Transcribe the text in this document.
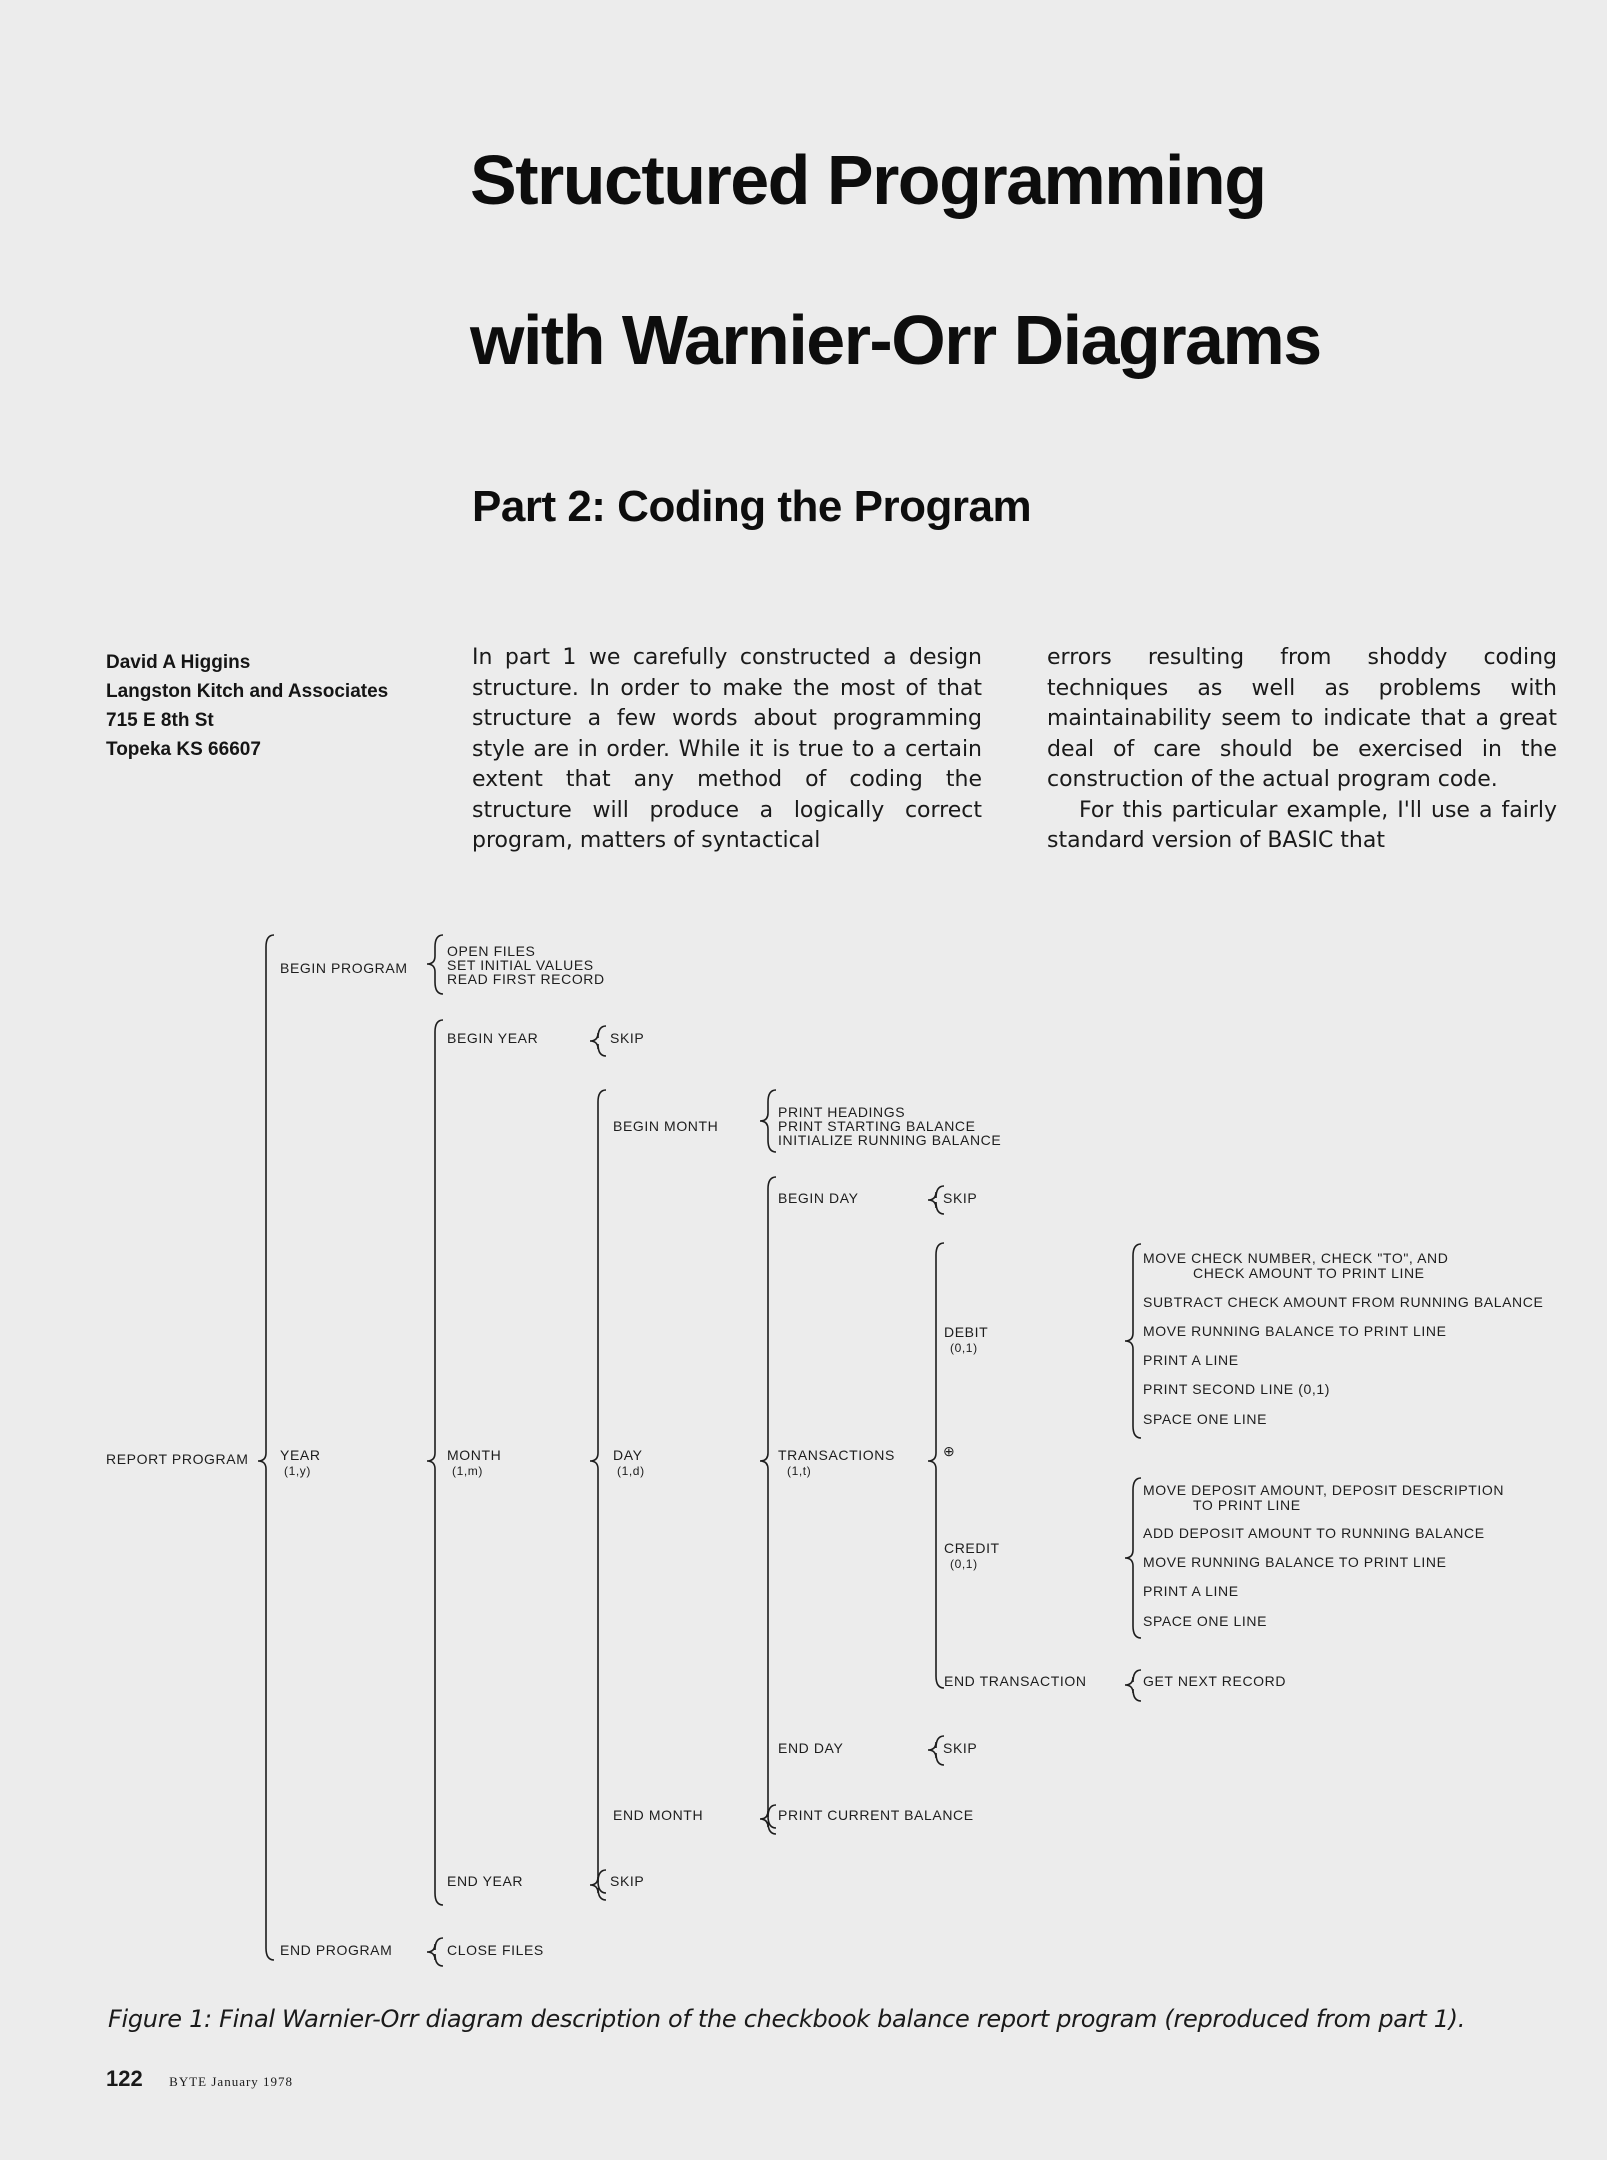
Structured Programming
with Warnier-Orr Diagrams
Part 2: Coding the Program
David A Higgins
Langston Kitch and Associates
715 E 8th St
Topeka KS 66607

In part 1 we carefully constructed a design structure. In order to make the most of that structure a few words about programming style are in order. While it is true to a certain extent that any method of coding the structure will produce a logically correct program, matters of syntactical

errors resulting from shoddy coding techniques as well as problems with maintainability seem to indicate that a great deal of care should be exercised in the construction of the actual program code.

For this particular example, I'll use a fairly standard version of BASIC that

REPORT PROGRAM
BEGIN PROGRAM
OPEN FILES
SET INITIAL VALUES
READ FIRST RECORD
YEAR
(1,y)
END PROGRAM	CLOSE FILES
BEGIN YEAR	SKIP
MONTH
(1,m)
END YEAR	SKIP
BEGIN MONTH
PRINT HEADINGS
PRINT STARTING BALANCE
INITIALIZE RUNNING BALANCE
DAY
(1,d)
END MONTH	PRINT CURRENT BALANCE
BEGIN DAY	SKIP
TRANSACTIONS
(1,t)
END DAY	SKIP
DEBIT
(0,1)
⊕
CREDIT
(0,1)
END TRANSACTION	GET NEXT RECORD
MOVE CHECK NUMBER, CHECK "TO", AND
CHECK AMOUNT TO PRINT LINE
SUBTRACT CHECK AMOUNT FROM RUNNING BALANCE
MOVE RUNNING BALANCE TO PRINT LINE
PRINT A LINE
PRINT SECOND LINE (0,1)
SPACE ONE LINE
MOVE DEPOSIT AMOUNT, DEPOSIT DESCRIPTION
TO PRINT LINE
ADD DEPOSIT AMOUNT TO RUNNING BALANCE
MOVE RUNNING BALANCE TO PRINT LINE
PRINT A LINE
SPACE ONE LINE
Figure 1: Final Warnier-Orr diagram description of the checkbook balance report program (reproduced from part 1).
122 BYTE January 1978
